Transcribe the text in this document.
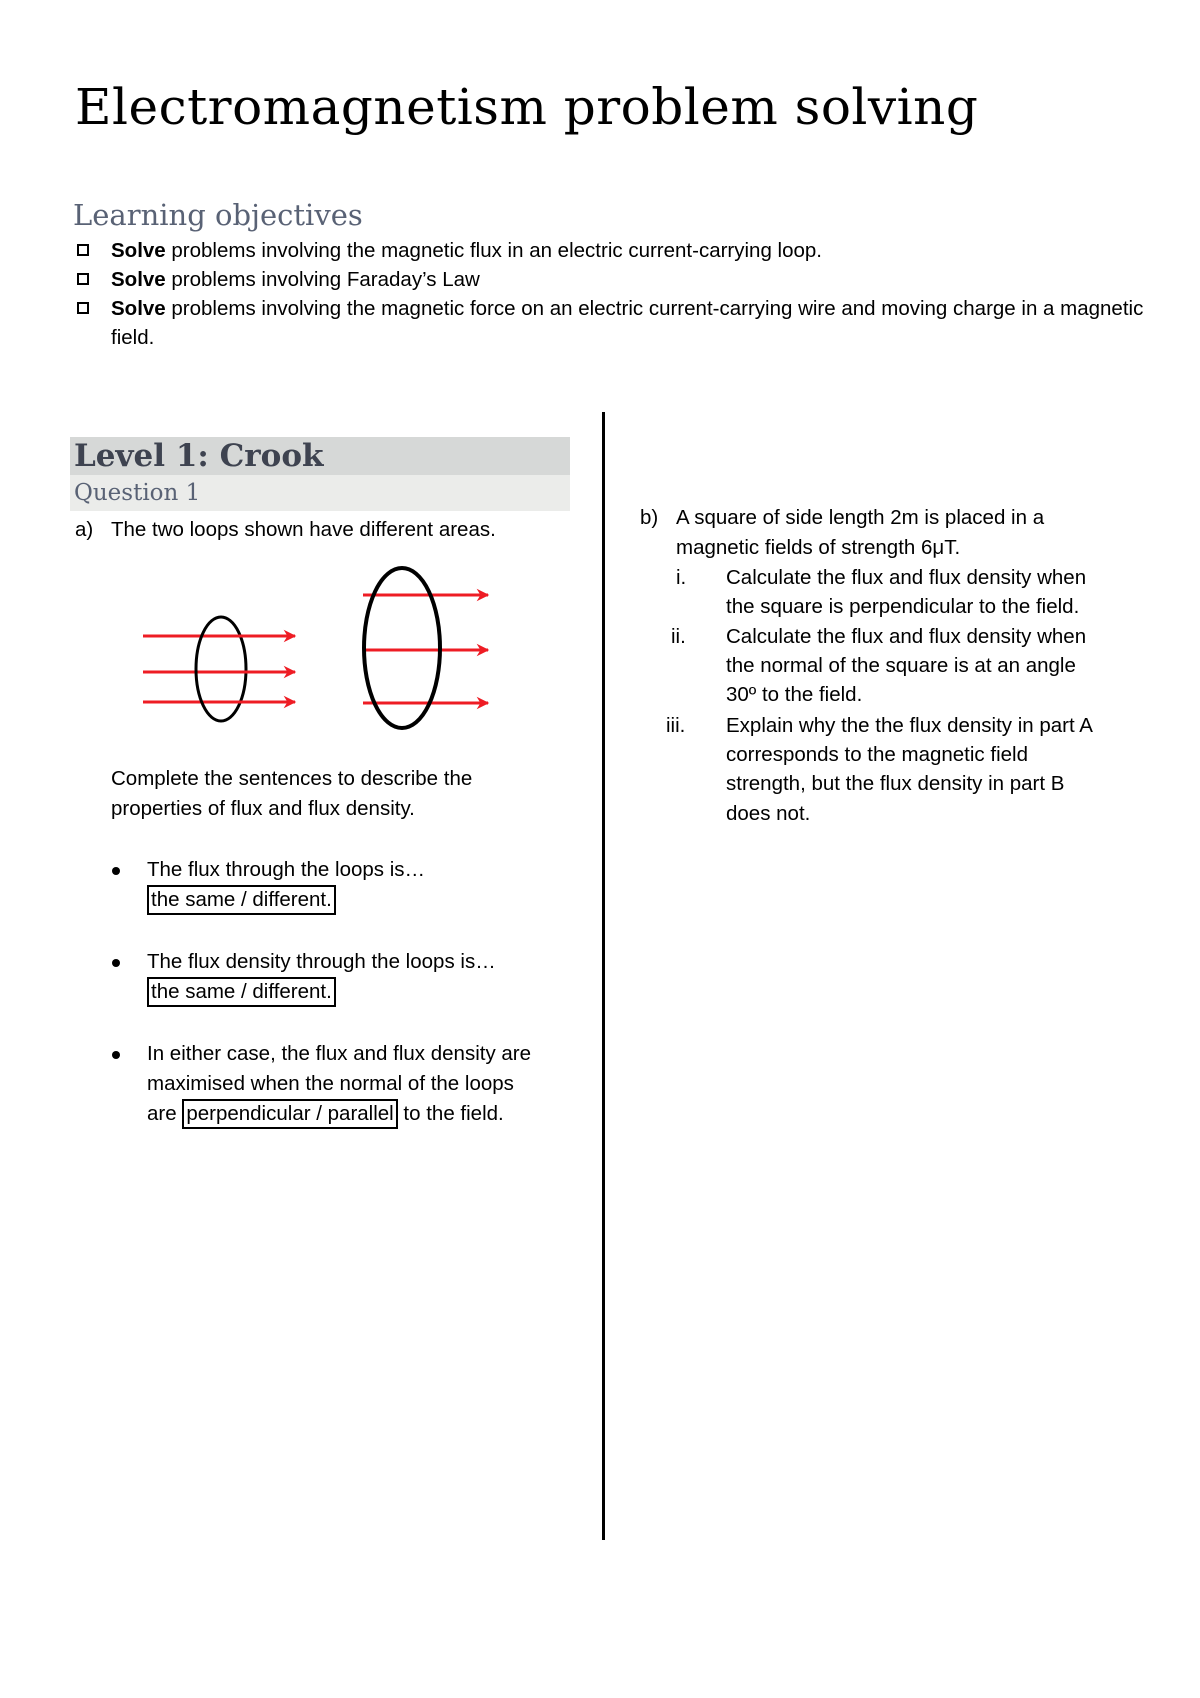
Electromagnetism problem solving
Learning objectives
Solve problems involving the magnetic flux in an electric current-carrying loop.
Solve problems involving Faraday’s Law
Solve problems involving the magnetic force on an electric current-carrying wire and moving charge in a magnetic field.
Level 1: Crook
Question 1
a) The two loops shown have different areas.
Complete the sentences to describe the
properties of flux and flux density.
The flux through the loops is…
the same / different.
The flux density through the loops is…
the same / different.
In either case, the flux and flux density are
maximised when the normal of the loops
are perpendicular / parallel to the field.
b) A square of side length 2m is placed in a
magnetic fields of strength 6μT.
i. Calculate the flux and flux density when
the square is perpendicular to the field.
ii. Calculate the flux and flux density when
the normal of the square is at an angle
30º to the field.
iii. Explain why the the flux density in part A
corresponds to the magnetic field
strength, but the flux density in part B
does not.
